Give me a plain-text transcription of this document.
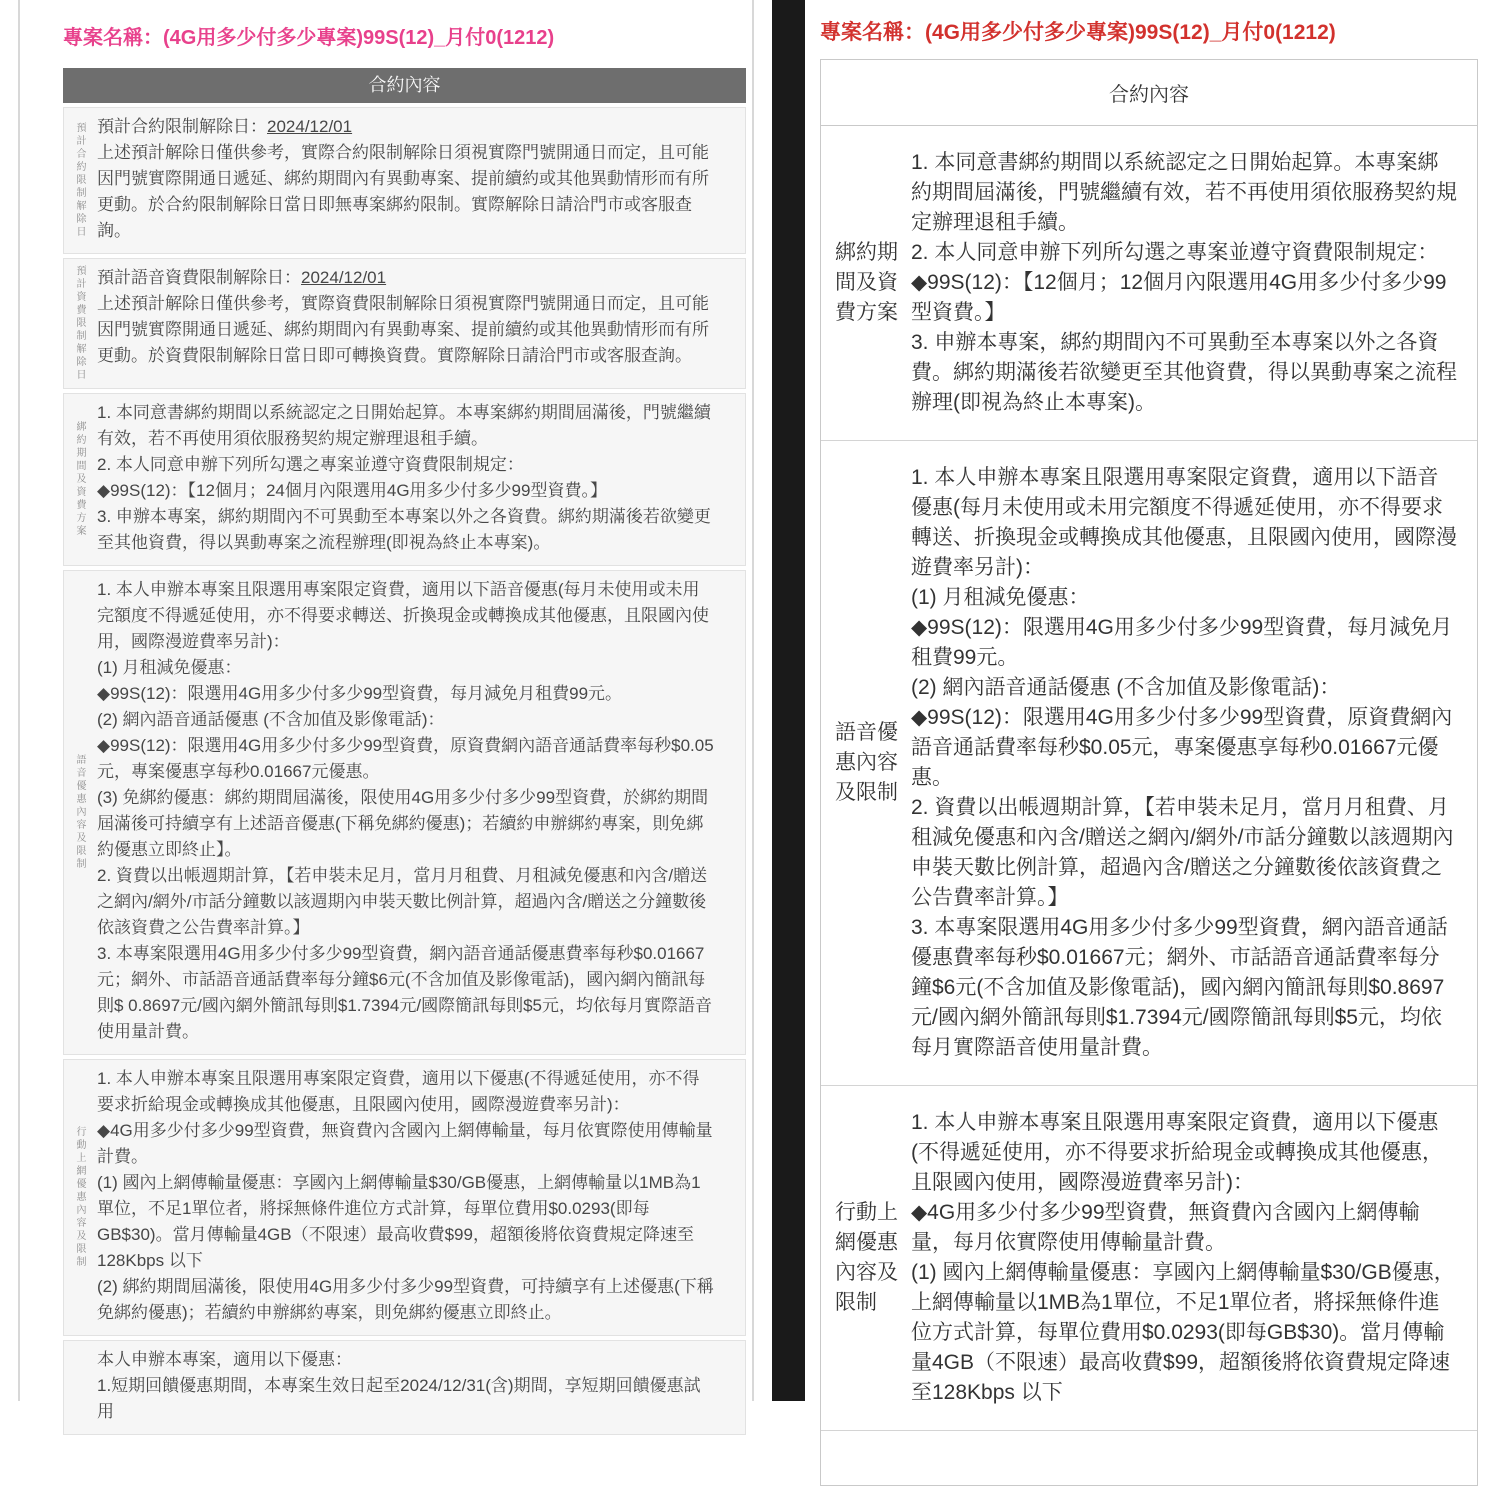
專案名稱：(4G用多少付多少專案)99S(12)_月付0(1212)
合約內容
預計合約限制解除日 預計合約限制解除日：2024/12/01
上述預計解除日僅供參考，實際合約限制解除日須視實際門號開通日而定，且可能因門號實際開通日遞延、綁約期間內有異動專案、提前續約或其他異動情形而有所更動。於合約限制解除日當日即無專案綁約限制。實際解除日請洽門市或客服查詢。
預計資費限制解除日 預計語音資費限制解除日：2024/12/01
上述預計解除日僅供參考，實際資費限制解除日須視實際門號開通日而定，且可能因門號實際開通日遞延、綁約期間內有異動專案、提前續約或其他異動情形而有所更動。於資費限制解除日當日即可轉換資費。實際解除日請洽門市或客服查詢。
綁約期間及資費方案
1. 本同意書綁約期間以系統認定之日開始起算。本專案綁約期間屆滿後，門號繼續有效，若不再使用須依服務契約規定辦理退租手續。
2. 本人同意申辦下列所勾選之專案並遵守資費限制規定：
◆99S(12)：【12個月；24個月內限選用4G用多少付多少99型資費。】
3. 申辦本專案，綁約期間內不可異動至本專案以外之各資費。綁約期滿後若欲變更至其他資費，得以異動專案之流程辦理(即視為終止本專案)。
語音優惠內容及限制
1. 本人申辦本專案且限選用專案限定資費，適用以下語音優惠(每月未使用或未用完額度不得遞延使用，亦不得要求轉送、折換現金或轉換成其他優惠，且限國內使用，國際漫遊費率另計)：
(1) 月租減免優惠：
◆99S(12)：限選用4G用多少付多少99型資費，每月減免月租費99元。
(2) 網內語音通話優惠 (不含加值及影像電話)：
◆99S(12)：限選用4G用多少付多少99型資費，原資費網內語音通話費率每秒$0.05元，專案優惠享每秒0.01667元優惠。
(3) 免綁約優惠：綁約期間屆滿後，限使用4G用多少付多少99型資費，於綁約期間屆滿後可持續享有上述語音優惠(下稱免綁約優惠)；若續約申辦綁約專案，則免綁約優惠立即終止】。
2. 資費以出帳週期計算，【若申裝未足月，當月月租費、月租減免優惠和內含/贈送之網內/網外/市話分鐘數以該週期內申裝天數比例計算，超過內含/贈送之分鐘數後依該資費之公告費率計算。】
3. 本專案限選用4G用多少付多少99型資費，網內語音通話優惠費率每秒$0.01667元；網外、市話語音通話費率每分鐘$6元(不含加值及影像電話)，國內網內簡訊每則$ 0.8697元/國內網外簡訊每則$1.7394元/國際簡訊每則$5元，均依每月實際語音使用量計費。
行動上網優惠內容及限制
1. 本人申辦本專案且限選用專案限定資費，適用以下優惠(不得遞延使用，亦不得要求折給現金或轉換成其他優惠，且限國內使用，國際漫遊費率另計)：
◆4G用多少付多少99型資費，無資費內含國內上網傳輸量，每月依實際使用傳輸量計費。
(1) 國內上網傳輸量優惠：享國內上網傳輸量$30/GB優惠，上網傳輸量以1MB為1單位，不足1單位者，將採無條件進位方式計算，每單位費用$0.0293(即每GB$30)。當月傳輸量4GB（不限速）最高收費$99，超額後將依資費規定降速至128Kbps 以下
(2) 綁約期間屆滿後，限使用4G用多少付多少99型資費，可持續享有上述優惠(下稱免綁約優惠)；若續約申辦綁約專案，則免綁約優惠立即終止。
本人申辦本專案，適用以下優惠：
1.短期回饋優惠期間，本專案生效日起至2024/12/31(含)期間，享短期回饋優惠試用
專案名稱：(4G用多少付多少專案)99S(12)_月付0(1212)
合約內容
綁約期間及資費方案
1. 本同意書綁約期間以系統認定之日開始起算。本專案綁約期間屆滿後，門號繼續有效，若不再使用須依服務契約規定辦理退租手續。
2. 本人同意申辦下列所勾選之專案並遵守資費限制規定：
◆99S(12)：【12個月；12個月內限選用4G用多少付多少99型資費。】
3. 申辦本專案，綁約期間內不可異動至本專案以外之各資費。綁約期滿後若欲變更至其他資費，得以異動專案之流程辦理(即視為終止本專案)。
語音優惠內容及限制
1. 本人申辦本專案且限選用專案限定資費，適用以下語音優惠(每月未使用或未用完額度不得遞延使用，亦不得要求轉送、折換現金或轉換成其他優惠，且限國內使用，國際漫遊費率另計)：
(1) 月租減免優惠：
◆99S(12)：限選用4G用多少付多少99型資費，每月減免月租費99元。
(2) 網內語音通話優惠 (不含加值及影像電話)：
◆99S(12)：限選用4G用多少付多少99型資費，原資費網內語音通話費率每秒$0.05元，專案優惠享每秒0.01667元優惠。
2. 資費以出帳週期計算，【若申裝未足月，當月月租費、月租減免優惠和內含/贈送之網內/網外/市話分鐘數以該週期內申裝天數比例計算，超過內含/贈送之分鐘數後依該資費之公告費率計算。】
3. 本專案限選用4G用多少付多少99型資費，網內語音通話優惠費率每秒$0.01667元；網外、市話語音通話費率每分鐘$6元(不含加值及影像電話)，國內網內簡訊每則$0.8697元/國內網外簡訊每則$1.7394元/國際簡訊每則$5元，均依每月實際語音使用量計費。
行動上網優惠內容及限制
1. 本人申辦本專案且限選用專案限定資費，適用以下優惠(不得遞延使用，亦不得要求折給現金或轉換成其他優惠，且限國內使用，國際漫遊費率另計)：
◆4G用多少付多少99型資費，無資費內含國內上網傳輸量，每月依實際使用傳輸量計費。
(1) 國內上網傳輸量優惠：享國內上網傳輸量$30/GB優惠，上網傳輸量以1MB為1單位，不足1單位者，將採無條件進位方式計算，每單位費用$0.0293(即每GB$30)。當月傳輸量4GB（不限速）最高收費$99，超額後將依資費規定降速至128Kbps 以下
